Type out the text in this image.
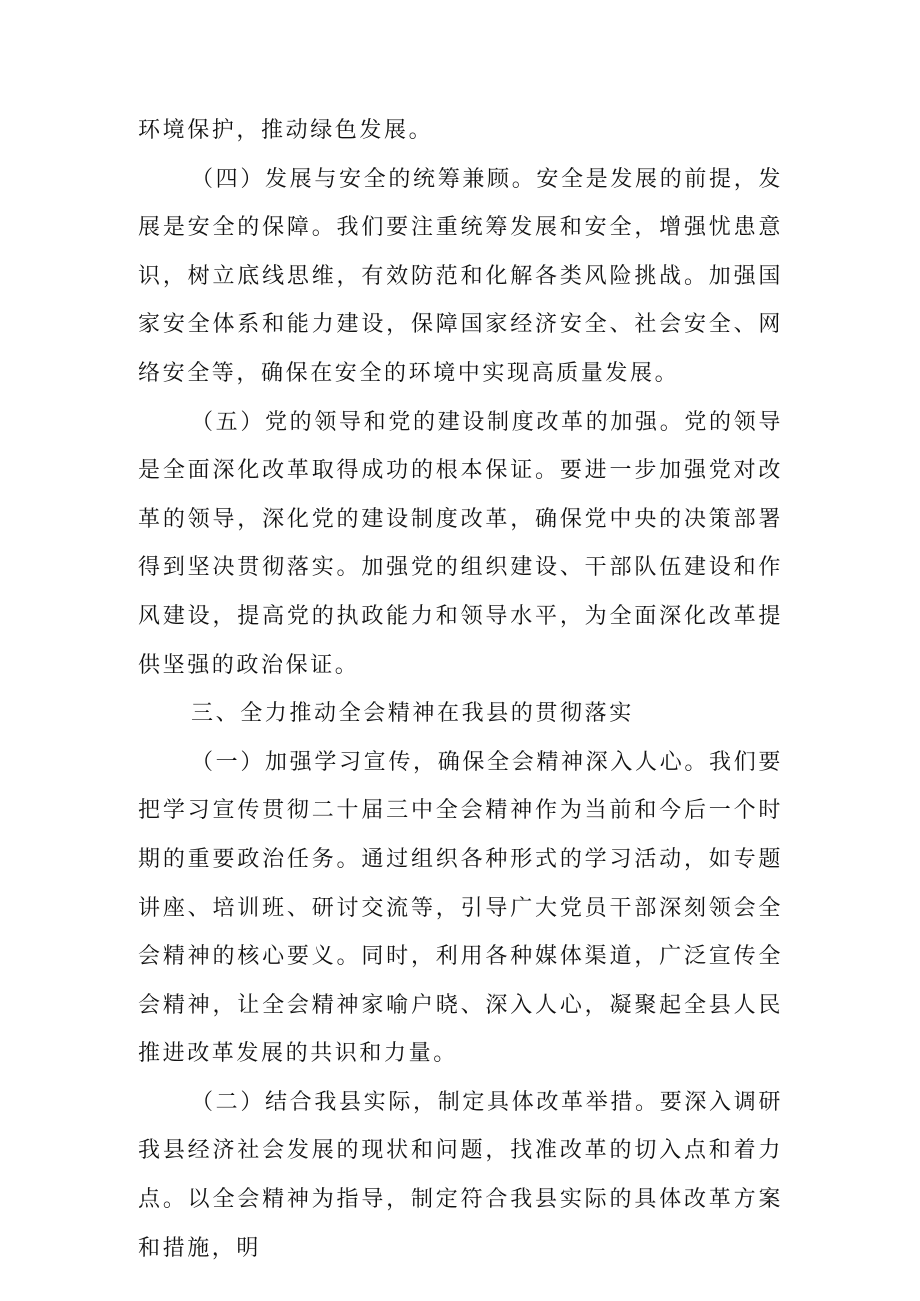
环境保护，推动绿色发展。

（四）发展与安全的统筹兼顾。安全是发展的前提，发展是安全的保障。我们要注重统筹发展和安全，增强忧患意识，树立底线思维，有效防范和化解各类风险挑战。加强国家安全体系和能力建设，保障国家经济安全、社会安全、网络安全等，确保在安全的环境中实现高质量发展。

（五）党的领导和党的建设制度改革的加强。党的领导是全面深化改革取得成功的根本保证。要进一步加强党对改革的领导，深化党的建设制度改革，确保党中央的决策部署得到坚决贯彻落实。加强党的组织建设、干部队伍建设和作风建设，提高党的执政能力和领导水平，为全面深化改革提供坚强的政治保证。

三、全力推动全会精神在我县的贯彻落实

（一）加强学习宣传，确保全会精神深入人心。我们要把学习宣传贯彻二十届三中全会精神作为当前和今后一个时期的重要政治任务。通过组织各种形式的学习活动，如专题讲座、培训班、研讨交流等，引导广大党员干部深刻领会全会精神的核心要义。同时，利用各种媒体渠道，广泛宣传全会精神，让全会精神家喻户晓、深入人心，凝聚起全县人民推进改革发展的共识和力量。

（二）结合我县实际，制定具体改革举措。要深入调研我县经济社会发展的现状和问题，找准改革的切入点和着力点。以全会精神为指导，制定符合我县实际的具体改革方案和措施，明
